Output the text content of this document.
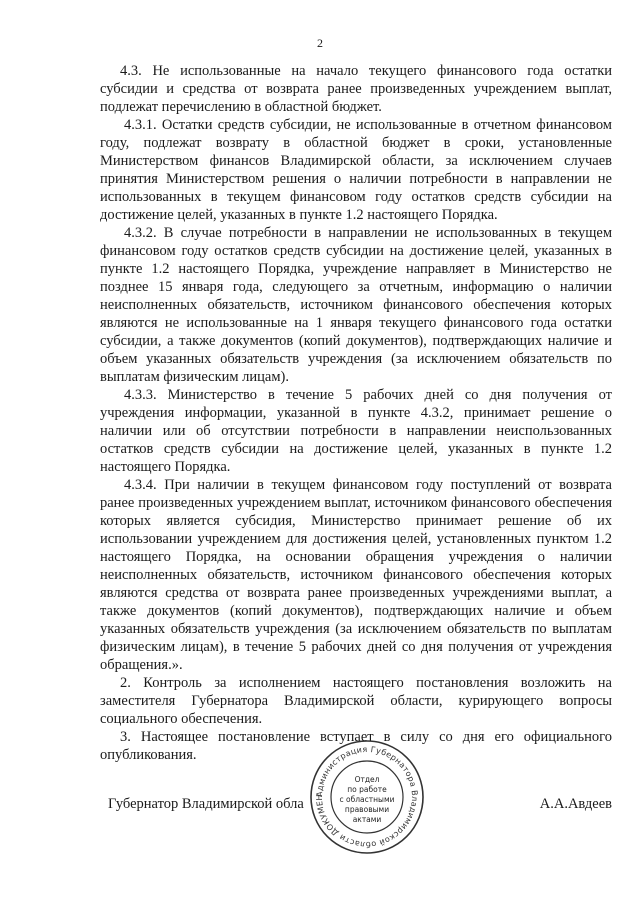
2

4.3. Не использованные на начало текущего финансового года остатки субсидии и средства от возврата ранее произведенных учреждением выплат, подлежат перечислению в областной бюджет.

4.3.1. Остатки средств субсидии, не использованные в отчетном финансовом году, подлежат возврату в областной бюджет в сроки, установленные Министерством финансов Владимирской области, за исключением случаев принятия Министерством решения о наличии потребности в направлении не использованных в текущем финансовом году остатков средств субсидии на достижение целей, указанных в пункте 1.2 настоящего Порядка.

4.3.2. В случае потребности в направлении не использованных в текущем финансовом году остатков средств субсидии на достижение целей, указанных в пункте 1.2 настоящего Порядка, учреждение направляет в Министерство не позднее 15 января года, следующего за отчетным, информацию о наличии неисполненных обязательств, источником финансового обеспечения которых являются не использованные на 1 января текущего финансового года остатки субсидии, а также документов (копий документов), подтверждающих наличие и объем указанных обязательств учреждения (за исключением обязательств по выплатам физическим лицам).

4.3.3. Министерство в течение 5 рабочих дней со дня получения от учреждения информации, указанной в пункте 4.3.2, принимает решение о наличии или об отсутствии потребности в направлении неиспользованных остатков средств субсидии на достижение целей, указанных в пункте 1.2 настоящего Порядка.

4.3.4. При наличии в текущем финансовом году поступлений от возврата ранее произведенных учреждением выплат, источником финансового обеспечения которых является субсидия, Министерство принимает решение об их использовании учреждением для достижения целей, установленных пунктом 1.2 настоящего Порядка, на основании обращения учреждения о наличии неисполненных обязательств, источником финансового обеспечения которых являются средства от возврата ранее произведенных учреждениями выплат, а также документов (копий документов), подтверждающих наличие и объем указанных обязательств учреждения (за исключением обязательств по выплатам физическим лицам), в течение 5 рабочих дней со дня получения от учреждения обращения.».

2. Контроль за исполнением настоящего постановления возложить на заместителя Губернатора Владимирской области, курирующего вопросы социального обеспечения.

3. Настоящее постановление вступает в силу со дня его официального опубликования.

Губернатор Владимирской обла	А.А.Авдеев
Администрация Губернатора Владимирской области ДОКУМЕН
Отдел
по работе
с областными
правовыми
актами
